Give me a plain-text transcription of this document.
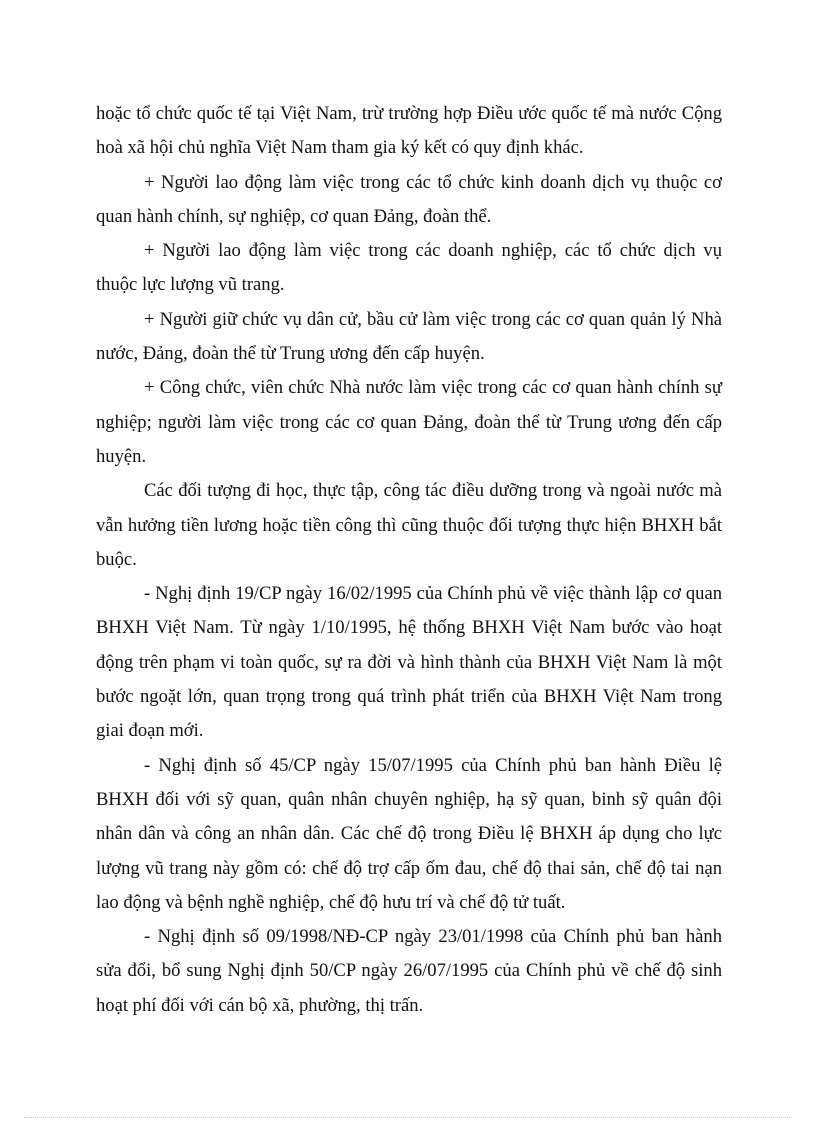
hoặc tổ chức quốc tế tại Việt Nam, trừ trường hợp Điều ước quốc tế mà nước Cộng hoà xã hội chủ nghĩa Việt Nam tham gia ký kết có quy định khác.

+ Người lao động làm việc trong các tổ chức kinh doanh dịch vụ thuộc cơ quan hành chính, sự nghiệp, cơ quan Đảng, đoàn thể.

+ Người lao động làm việc trong các doanh nghiệp, các tổ chức dịch vụ thuộc lực lượng vũ trang.

+ Người giữ chức vụ dân cử, bầu cử làm việc trong các cơ quan quản lý Nhà nước, Đảng, đoàn thể từ Trung ương đến cấp huyện.

+ Công chức, viên chức Nhà nước làm việc trong các cơ quan hành chính sự nghiệp; người làm việc trong các cơ quan Đảng, đoàn thể từ Trung ương đến cấp huyện.

Các đối tượng đi học, thực tập, công tác điều dưỡng trong và ngoài nước mà vẫn hưởng tiền lương hoặc tiền công thì cũng thuộc đối tượng thực hiện BHXH bắt buộc.

- Nghị định 19/CP ngày 16/02/1995 của Chính phủ về việc thành lập cơ quan BHXH Việt Nam. Từ ngày 1/10/1995, hệ thống BHXH Việt Nam bước vào hoạt động trên phạm vi toàn quốc, sự ra đời và hình thành của BHXH Việt Nam là một bước ngoặt lớn, quan trọng trong quá trình phát triển của BHXH Việt Nam trong giai đoạn mới.

- Nghị định số 45/CP ngày 15/07/1995 của Chính phủ ban hành Điều lệ BHXH đối với sỹ quan, quân nhân chuyên nghiệp, hạ sỹ quan, binh sỹ quân đội nhân dân và công an nhân dân. Các chế độ trong Điều lệ BHXH áp dụng cho lực lượng vũ trang này gồm có: chế độ trợ cấp ốm đau, chế độ thai sản, chế độ tai nạn lao động và bệnh nghề nghiệp, chế độ hưu trí và chế độ tử tuất.

- Nghị định số 09/1998/NĐ-CP ngày 23/01/1998 của Chính phủ ban hành sửa đổi, bổ sung Nghị định 50/CP ngày 26/07/1995 của Chính phủ về chế độ sinh hoạt phí đối với cán bộ xã, phường, thị trấn.
